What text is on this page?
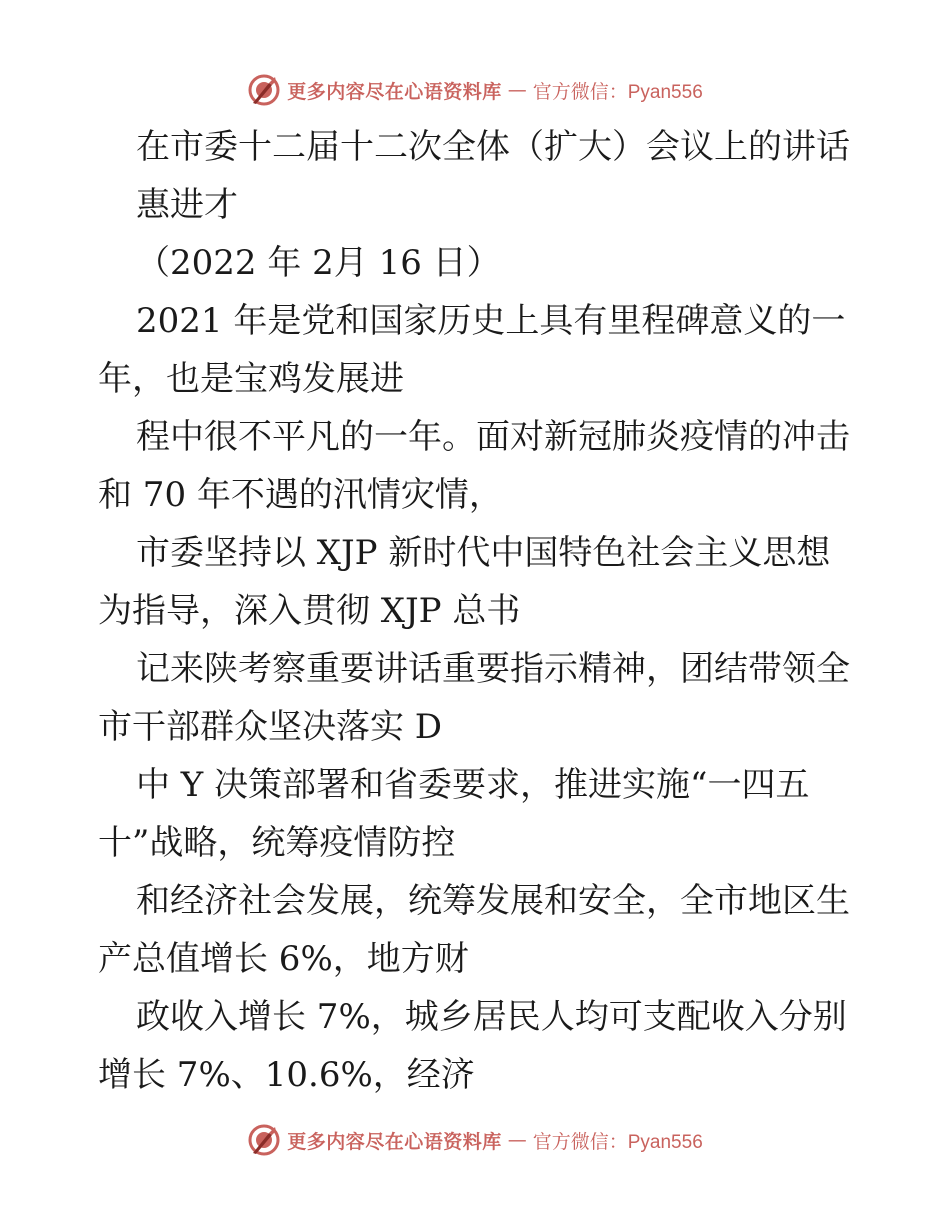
更多内容尽在心语资料库 — 官方微信：Pyan556
在市委十二届十二次全体（扩大）会议上的讲话
惠进才
（2022 年 2月 16 日）
2021 年是党和国家历史上具有里程碑意义的一
年，也是宝鸡发展进
程中很不平凡的一年。面对新冠肺炎疫情的冲击
和 70 年不遇的汛情灾情，
市委坚持以 XJP 新时代中国特色社会主义思想
为指导，深入贯彻 XJP 总书
记来陕考察重要讲话重要指示精神，团结带领全
市干部群众坚决落实 D
中 Y 决策部署和省委要求，推进实施“一四五
十”战略，统筹疫情防控
和经济社会发展，统筹发展和安全，全市地区生
产总值增长 6%，地方财
政收入增长 7%，城乡居民人均可支配收入分别
增长 7%、10.6%，经济
更多内容尽在心语资料库 — 官方微信：Pyan556
